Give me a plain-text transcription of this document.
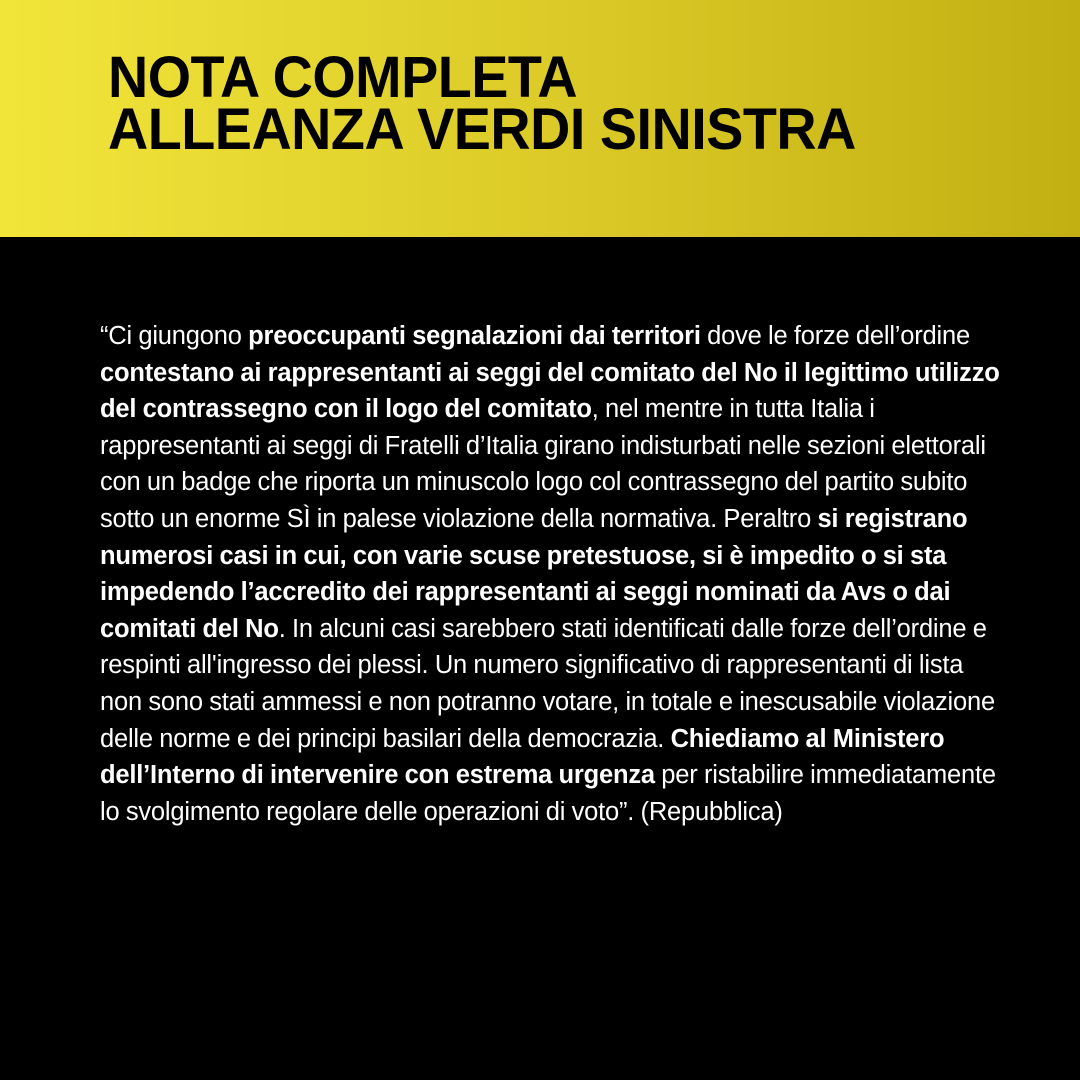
NOTA COMPLETA
ALLEANZA VERDI SINISTRA

“Ci giungono preoccupanti segnalazioni dai territori dove le forze dell’ordine contestano ai rappresentanti ai seggi del comitato del No il legittimo utilizzo del contrassegno con il logo del comitato, nel mentre in tutta Italia i rappresentanti ai seggi di Fratelli d’Italia girano indisturbati nelle sezioni elettorali con un badge che riporta un minuscolo logo col contrassegno del partito subito sotto un enorme SÌ in palese violazione della normativa. Peraltro si registrano numerosi casi in cui, con varie scuse pretestuose, si è impedito o si sta impedendo l’accredito dei rappresentanti ai seggi nominati da Avs o dai comitati del No. In alcuni casi sarebbero stati identificati dalle forze dell’ordine e respinti all'ingresso dei plessi. Un numero significativo di rappresentanti di lista non sono stati ammessi e non potranno votare, in totale e inescusabile violazione delle norme e dei principi basilari della democrazia. Chiediamo al Ministero dell’Interno di intervenire con estrema urgenza per ristabilire immediatamente lo svolgimento regolare delle operazioni di voto”. (Repubblica)
